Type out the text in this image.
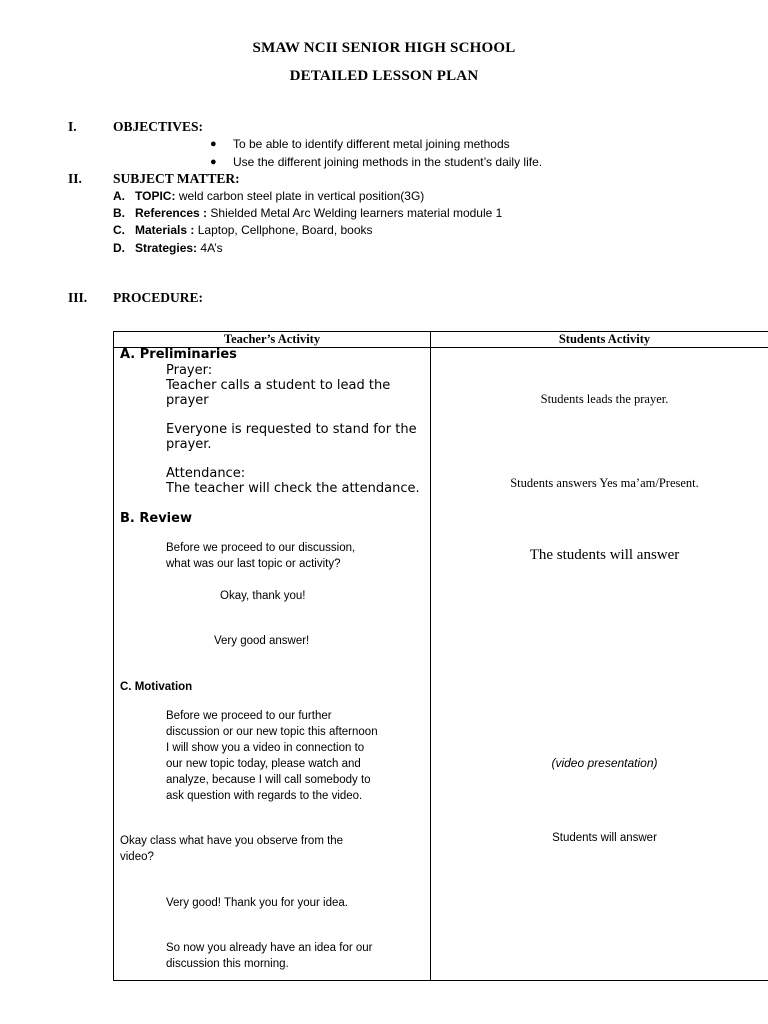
SMAW NCII SENIOR HIGH SCHOOL
DETAILED LESSON PLAN
I.	OBJECTIVES:
● To be able to identify different metal joining methods
● Use the different joining methods in the student’s daily life.
II. SUBJECT MATTER:
A. TOPIC: weld carbon steel plate in vertical position(3G)
B. References : Shielded Metal Arc Welding learners material module 1
C. Materials : Laptop, Cellphone, Board, books
D. Strategies: 4A’s
III. PROCEDURE:
Teacher’s Activity	Students Activity
A. Preliminaries
Prayer:
Teacher calls a student to lead the
prayer
Everyone is requested to stand for the
prayer.
Attendance:
The teacher will check the attendance.
Students leads the prayer.
Students answers Yes ma’am/Present.
B. Review
Before we proceed to our discussion,
what was our last topic or activity?
Okay, thank you!
Very good answer!
The students will answer
C. Motivation
Before we proceed to our further
discussion or our new topic this afternoon
I will show you a video in connection to
our new topic today, please watch and
analyze, because I will call somebody to
ask question with regards to the video.
(video presentation)
Okay class what have you observe from the
video?
Students will answer
Very good! Thank you for your idea.
So now you already have an idea for our
discussion this morning.
